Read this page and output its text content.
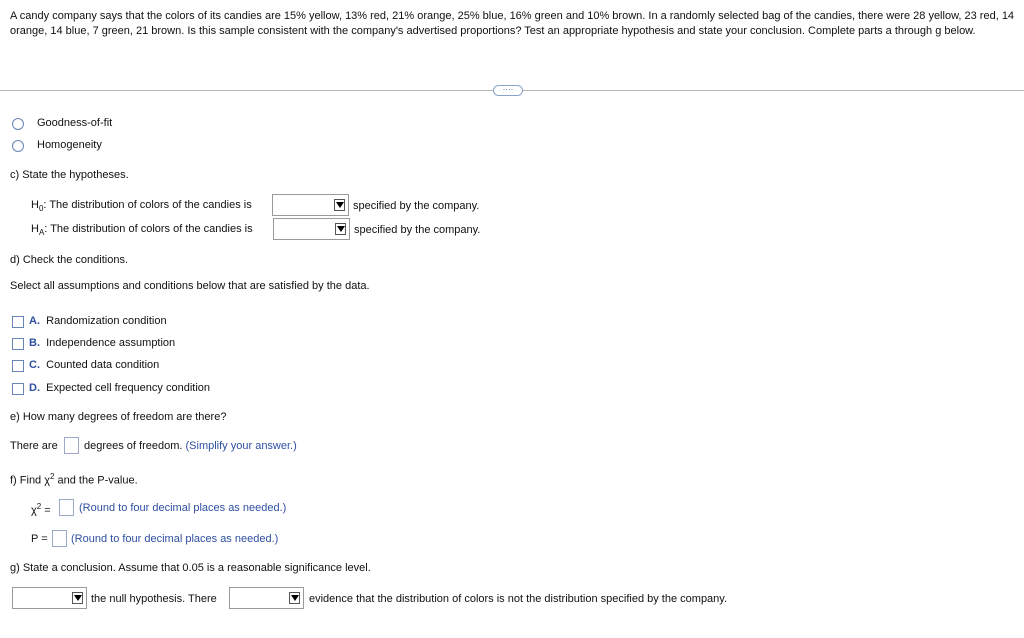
A candy company says that the colors of its candies are 15% yellow, 13% red, 21% orange, 25% blue, 16% green and 10% brown. In a randomly selected bag of the candies, there were 28 yellow, 23 red, 14 orange, 14 blue, 7 green, 21 brown. Is this sample consistent with the company's advertised proportions? Test an appropriate hypothesis and state your conclusion. Complete parts a through g below.
····
Goodness-of-fit
Homogeneity
c) State the hypotheses.
$H_0$: The distribution of colors of the candies is	specified by the company.
$H_A$: The distribution of colors of the candies is	specified by the company.
d) Check the conditions.
Select all assumptions and conditions below that are satisfied by the data.
A. Randomization condition
B. Independence assumption
C. Counted data condition
D. Expected cell frequency condition
e) How many degrees of freedom are there?
There are degrees of freedom. (Simplify your answer.)
f) Find $\chi^2$ and the P-value.
$\chi^2$ =	(Round to four decimal places as needed.)
P = (Round to four decimal places as needed.)
g) State a conclusion. Assume that 0.05 is a reasonable significance level.
the null hypothesis. There	evidence that the distribution of colors is not the distribution specified by the company.
